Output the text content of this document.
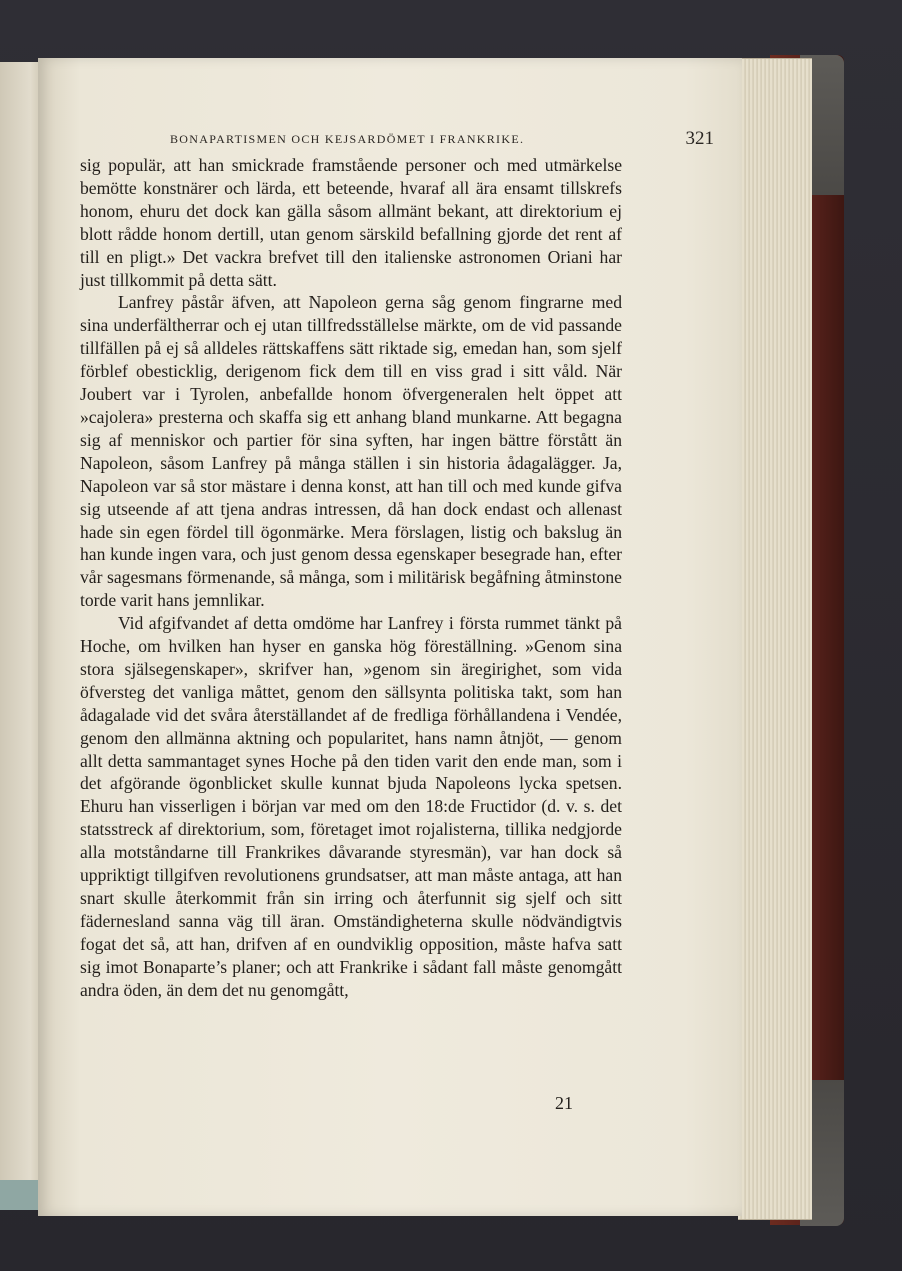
BONAPARTISMEN OCH KEJSARDÖMET I FRANKRIKE.	321

sig populär, att han smickrade framstående personer och med utmärkelse bemötte konstnärer och lärda, ett beteende, hvaraf all ära ensamt tillskrefs honom, ehuru det dock kan gälla såsom allmänt bekant, att direktorium ej blott rådde honom dertill, utan genom särskild befallning gjorde det rent af till en pligt.» Det vackra brefvet till den italienske astronomen Oriani har just tillkommit på detta sätt.

Lanfrey påstår äfven, att Napoleon gerna såg genom fingrarne med sina underfältherrar och ej utan tillfredsställelse märkte, om de vid passande tillfällen på ej så alldeles rättskaffens sätt riktade sig, emedan han, som sjelf förblef obesticklig, derigenom fick dem till en viss grad i sitt våld. När Joubert var i Tyrolen, anbefallde honom öfvergeneralen helt öppet att »cajolera» presterna och skaffa sig ett anhang bland munkarne. Att begagna sig af menniskor och partier för sina syften, har ingen bättre förstått än Napoleon, såsom Lanfrey på många ställen i sin historia ådagalägger. Ja, Napoleon var så stor mästare i denna konst, att han till och med kunde gifva sig utseende af att tjena andras intressen, då han dock endast och allenast hade sin egen fördel till ögonmärke. Mera förslagen, listig och bakslug än han kunde ingen vara, och just genom dessa egenskaper besegrade han, efter vår sagesmans förmenande, så många, som i militärisk begåfning åtminstone torde varit hans jemnlikar.

Vid afgifvandet af detta omdöme har Lanfrey i första rummet tänkt på Hoche, om hvilken han hyser en ganska hög föreställning. »Genom sina stora själsegenskaper», skrifver han, »genom sin äregirighet, som vida öfversteg det vanliga måttet, genom den sällsynta politiska takt, som han ådagalade vid det svåra återställandet af de fredliga förhållandena i Vendée, genom den allmänna aktning och popularitet, hans namn åtnjöt, — genom allt detta sammantaget synes Hoche på den tiden varit den ende man, som i det afgörande ögonblicket skulle kunnat bjuda Napoleons lycka spetsen. Ehuru han visserligen i början var med om den 18:de Fructidor (d. v. s. det statsstreck af direktorium, som, företaget imot rojalisterna, tillika nedgjorde alla motståndarne till Frankrikes dåvarande styresmän), var han dock så uppriktigt tillgifven revolutionens grundsatser, att man måste antaga, att han snart skulle återkommit från sin irring och återfunnit sig sjelf och sitt fädernesland sanna väg till äran. Omständigheterna skulle nödvändigtvis fogat det så, att han, drifven af en oundviklig opposition, måste hafva satt sig imot Bonaparte’s planer; och att Frankrike i sådant fall måste genomgått andra öden, än dem det nu genomgått,

21
